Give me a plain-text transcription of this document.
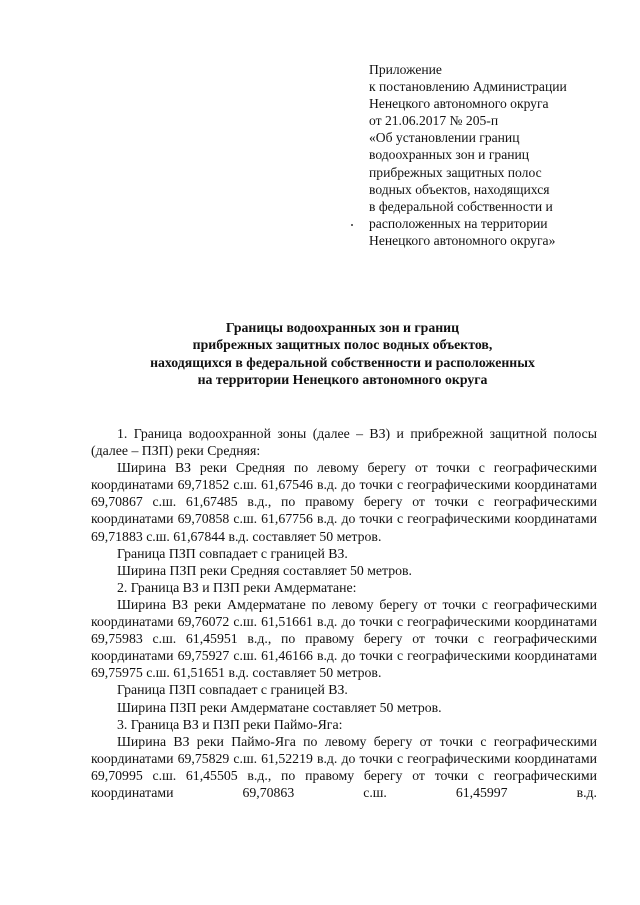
Приложение
к постановлению Администрации
Ненецкого автономного округа
от 21.06.2017 № 205-п
«Об установлении границ
водоохранных зон и границ
прибрежных защитных полос
водных объектов, находящихся
в федеральной собственности и
расположенных на территории
Ненецкого автономного округа»
Границы водоохранных зон и границ
прибрежных защитных полос водных объектов,
находящихся в федеральной собственности и расположенных
на территории Ненецкого автономного округа
1. Граница водоохранной зоны (далее – ВЗ) и прибрежной защитной полосы (далее – ПЗП) реки Средняя:
Ширина ВЗ реки Средняя по левому берегу от точки с географическими координатами 69,71852 с.ш. 61,67546 в.д. до точки с географическими координатами 69,70867 с.ш. 61,67485 в.д., по правому берегу от точки с географическими координатами 69,70858 с.ш. 61,67756 в.д. до точки с географическими координатами 69,71883 с.ш. 61,67844 в.д. составляет 50 метров.
Граница ПЗП совпадает с границей ВЗ.
Ширина ПЗП реки Средняя составляет 50 метров.
2. Граница ВЗ и ПЗП реки Амдерматане:
Ширина ВЗ реки Амдерматане по левому берегу от точки с географическими координатами 69,76072 с.ш. 61,51661 в.д. до точки с географическими координатами 69,75983 с.ш. 61,45951 в.д., по правому берегу от точки с географическими координатами 69,75927 с.ш. 61,46166 в.д. до точки с географическими координатами 69,75975 с.ш. 61,51651 в.д. составляет 50 метров.
Граница ПЗП совпадает с границей ВЗ.
Ширина ПЗП реки Амдерматане составляет 50 метров.
3. Граница ВЗ и ПЗП реки Паймо-Яга:
Ширина ВЗ реки Паймо-Яга по левому берегу от точки с географическими координатами 69,75829 с.ш. 61,52219 в.д. до точки с географическими координатами 69,70995 с.ш. 61,45505 в.д., по правому берегу от точки с географическими координатами 69,70863 с.ш. 61,45997 в.д.
